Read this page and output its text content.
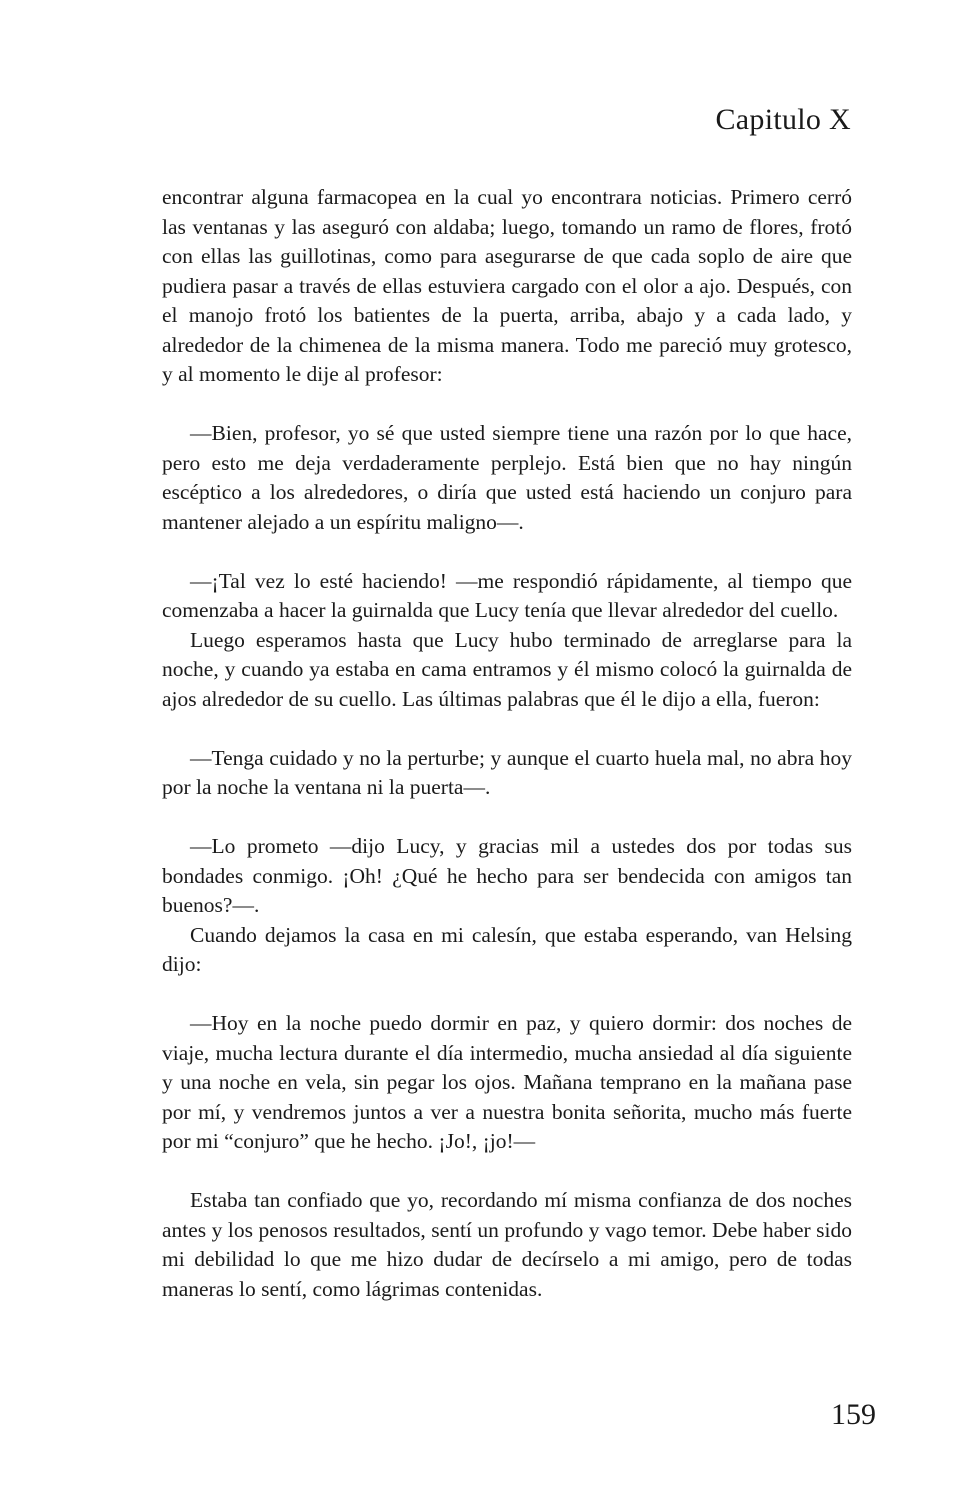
Capitulo X

encontrar alguna farmacopea en la cual yo encontrara noticias. Primero cerró las ventanas y las aseguró con aldaba; luego, tomando un ramo de flores, frotó con ellas las guillotinas, como para asegurarse de que cada soplo de aire que pudiera pasar a través de ellas estuviera cargado con el olor a ajo. Después, con el manojo frotó los batientes de la puerta, arriba, abajo y a cada lado, y alrededor de la chimenea de la misma manera. Todo me pareció muy grotesco, y al momento le dije al profesor:

—Bien, profesor, yo sé que usted siempre tiene una razón por lo que hace, pero esto me deja verdaderamente perplejo. Está bien que no hay ningún escéptico a los alrededores, o diría que usted está haciendo un conjuro para mantener alejado a un espíritu maligno—.

—¡Tal vez lo esté haciendo! —me respondió rápidamente, al tiempo que comenzaba a hacer la guirnalda que Lucy tenía que llevar alrededor del cuello.

Luego esperamos hasta que Lucy hubo terminado de arreglarse para la noche, y cuando ya estaba en cama entramos y él mismo colocó la guirnalda de ajos alrededor de su cuello. Las últimas palabras que él le dijo a ella, fueron:

—Tenga cuidado y no la perturbe; y aunque el cuarto huela mal, no abra hoy por la noche la ventana ni la puerta—.

—Lo prometo —dijo Lucy, y gracias mil a ustedes dos por todas sus bondades conmigo. ¡Oh! ¿Qué he hecho para ser bendecida con amigos tan buenos?—.

Cuando dejamos la casa en mi calesín, que estaba esperando, van Helsing dijo:

—Hoy en la noche puedo dormir en paz, y quiero dormir: dos noches de viaje, mucha lectura durante el día intermedio, mucha ansiedad al día siguiente y una noche en vela, sin pegar los ojos. Mañana temprano en la mañana pase por mí, y vendremos juntos a ver a nuestra bonita señorita, mucho más fuerte por mi “conjuro” que he hecho. ¡Jo!, ¡jo!—

Estaba tan confiado que yo, recordando mí misma confianza de dos noches antes y los penosos resultados, sentí un profundo y vago temor. Debe haber sido mi debilidad lo que me hizo dudar de decírselo a mi amigo, pero de todas maneras lo sentí, como lágrimas contenidas.

159
